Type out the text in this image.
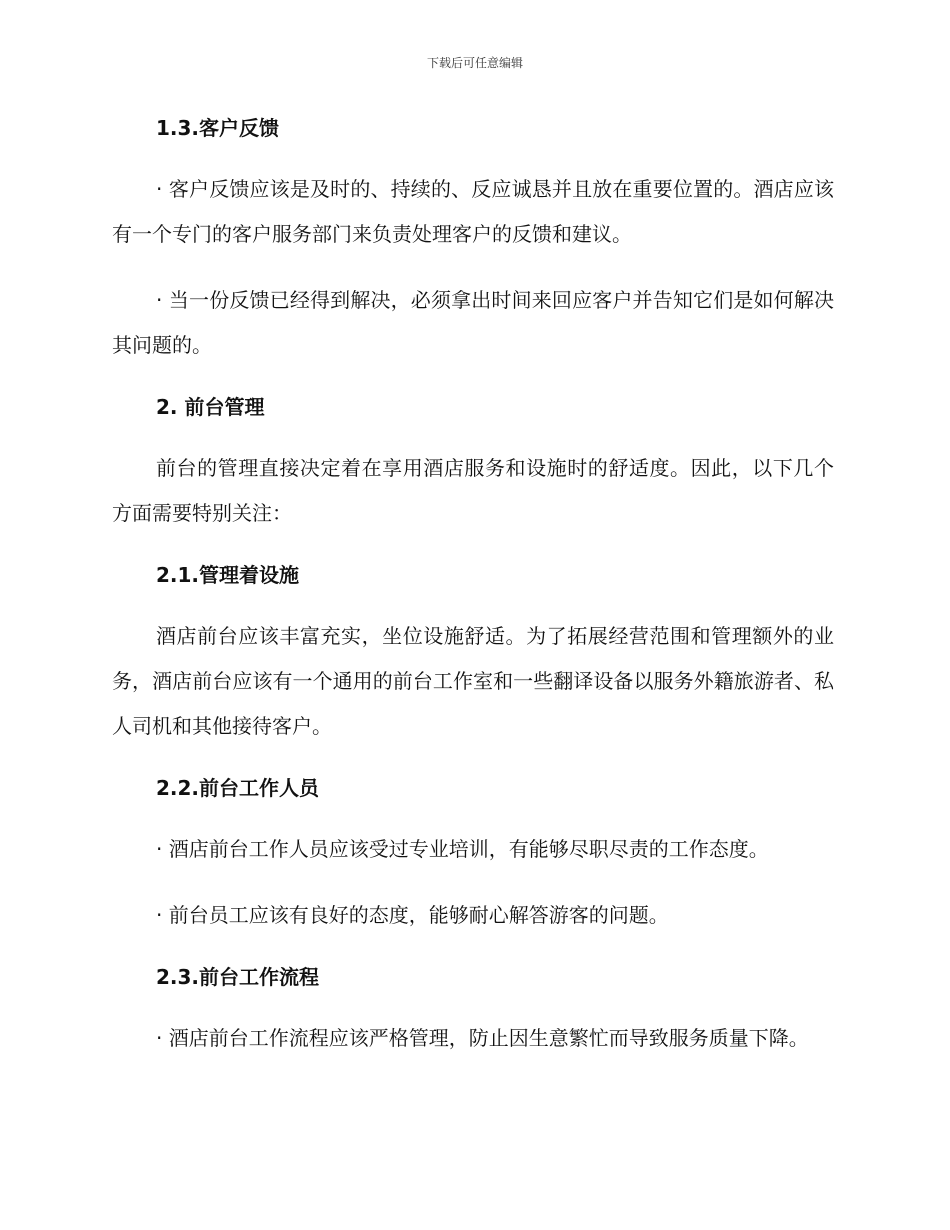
下载后可任意编辑

1.3.客户反馈

· 客户反馈应该是及时的、持续的、反应诚恳并且放在重要位置的。酒店应该有一个专门的客户服务部门来负责处理客户的反馈和建议。

· 当一份反馈已经得到解决，必须拿出时间来回应客户并告知它们是如何解决其问题的。

2. 前台管理

前台的管理直接决定着在享用酒店服务和设施时的舒适度。因此，以下几个方面需要特别关注：

2.1.管理着设施

酒店前台应该丰富充实，坐位设施舒适。为了拓展经营范围和管理额外的业务，酒店前台应该有一个通用的前台工作室和一些翻译设备以服务外籍旅游者、私人司机和其他接待客户。

2.2.前台工作人员

· 酒店前台工作人员应该受过专业培训，有能够尽职尽责的工作态度。

· 前台员工应该有良好的态度，能够耐心解答游客的问题。

2.3.前台工作流程

· 酒店前台工作流程应该严格管理，防止因生意繁忙而导致服务质量下降。
